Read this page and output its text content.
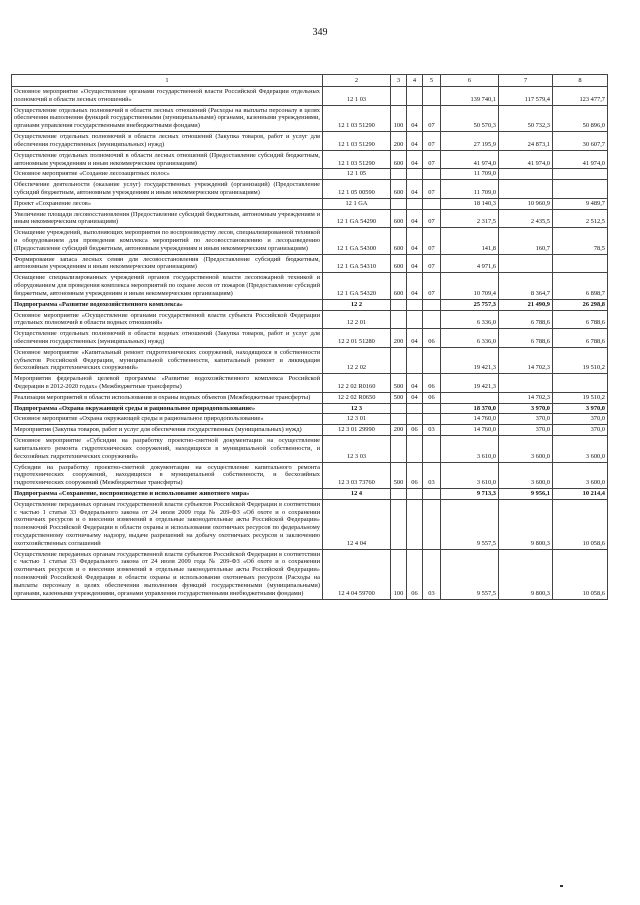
349
1	2	3	4	5	6	7	8
Основное мероприятие «Осуществление органами государственной власти Российской Федерации отдельных полномочий в области лесных отношений»	12 1 03				139 740,1	117 579,4	123 477,7
Осуществление отдельных полномочий в области лесных отношений (Расходы на выплаты персоналу в целях обеспечения выполнения функций государственными (муниципальными) органами, казенными учреждениями, органами управления государственными внебюджетными фондами)	12 1 03 51290	100	04	07	50 570,3	50 732,3	50 896,0
Осуществление отдельных полномочий в области лесных отношений (Закупка товаров, работ и услуг для обеспечения государственных (муниципальных) нужд)	12 1 03 51290	200	04	07	27 195,9	24 873,1	30 607,7
Осуществление отдельных полномочий в области лесных отношений (Предоставление субсидий бюджетным, автономным учреждениям и иным некоммерческим организациям)	12 1 03 51290	600	04	07	41 974,0	41 974,0	41 974,0
Основное мероприятие «Создание лесозащитных полос»	12 1 05				11 709,0		
Обеспечение деятельности (оказание услуг) государственных учреждений (организаций) (Предоставление субсидий бюджетным, автономным учреждениям и иным некоммерческим организациям)	12 1 05 00590	600	04	07	11 709,0		
Проект «Сохранение лесов»	12 1 GA				18 140,3	10 960,9	9 489,7
Увеличение площади лесовосстановления (Предоставление субсидий бюджетным, автономным учреждениям и иным некоммерческим организациям)	12 1 GA 54290	600	04	07	2 317,5	2 435,5	2 512,5
Оснащение учреждений, выполняющих мероприятия по воспроизводству лесов, специализированной техникой и оборудованием для проведения комплекса мероприятий по лесовосстановлению и лесоразведению (Предоставление субсидий бюджетным, автономным учреждениям и иным некоммерческим организациям)	12 1 GA 54300	600	04	07	141,8	160,7	78,5
Формирование запаса лесных семян для лесовосстановления (Предоставление субсидий бюджетным, автономным учреждениям и иным некоммерческим организациям)	12 1 GA 54310	600	04	07	4 971,6		
Оснащение специализированных учреждений органов государственной власти лесопожарной техникой и оборудованием для проведения комплекса мероприятий по охране лесов от пожаров (Предоставление субсидий бюджетным, автономным учреждениям и иным некоммерческим организациям)	12 1 GA 54320	600	04	07	10 709,4	8 364,7	6 898,7
Подпрограмма «Развитие водохозяйственного комплекса»	12 2				25 757,3	21 490,9	26 298,8
Основное мероприятие «Осуществление органами государственной власти субъекта Российской Федерации отдельных полномочий в области водных отношений»	12 2 01				6 336,0	6 788,6	6 788,6
Осуществление отдельных полномочий в области водных отношений (Закупка товаров, работ и услуг для обеспечения государственных (муниципальных) нужд)	12 2 01 51280	200	04	06	6 336,0	6 788,6	6 788,6
Основное мероприятие «Капитальный ремонт гидротехнических сооружений, находящихся в собственности субъектов Российской Федерации, муниципальной собственности, капитальный ремонт и ликвидация бесхозяйных гидротехнических сооружений»	12 2 02				19 421,3	14 702,3	19 510,2
Мероприятия федеральной целевой программы «Развитие водохозяйственного комплекса Российской Федерации в 2012-2020 годах» (Межбюджетные трансферты)	12 2 02 R0160	500	04	06	19 421,3		
Реализация мероприятий в области использования и охраны водных объектов (Межбюджетные трансферты)	12 2 02 R0650	500	04	06		14 702,3	19 510,2
Подпрограмма «Охрана окружающей среды и рациональное природопользование»	12 3				18 370,0	3 970,0	3 970,0
Основное мероприятие «Охрана окружающей среды и рациональное природопользование»	12 3 01				14 760,0	370,0	370,0
Мероприятия (Закупка товаров, работ и услуг для обеспечения государственных (муниципальных) нужд)	12 3 01 29990	200	06	03	14 760,0	370,0	370,0
Основное мероприятие «Субсидии на разработку проектно-сметной документации на осуществление капитального ремонта гидротехнических сооружений, находящихся в муниципальной собственности, и бесхозяйных гидротехнических сооружений»	12 3 03				3 610,0	3 600,0	3 600,0
Субсидии на разработку проектно-сметной документации на осуществление капитального ремонта гидротехнических сооружений, находящихся в муниципальной собственности, и бесхозяйных гидротехнических сооружений (Межбюджетные трансферты)	12 3 03 73760	500	06	03	3 610,0	3 600,0	3 600,0
Подпрограмма «Сохранение, воспроизводство и использование животного мира»	12 4				9 713,3	9 956,1	10 214,4
Осуществление переданных органам государственной власти субъектов Российской Федерации в соответствии с частью 1 статьи 33 Федерального закона от 24 июля 2009 года № 209-ФЗ «Об охоте и о сохранении охотничьих ресурсов и о внесении изменений в отдельные законодательные акты Российской Федерации» полномочий Российской Федерации в области охраны и использования охотничьих ресурсов по федеральному государственному охотничьему надзору, выдаче разрешений на добычу охотничьих ресурсов и заключению охотхозяйственных соглашений	12 4 04				9 557,5	9 800,3	10 058,6
Осуществление переданных органам государственной власти субъектов Российской Федерации в соответствии с частью 1 статьи 33 Федерального закона от 24 июля 2009 года № 209-ФЗ «Об охоте и о сохранении охотничьих ресурсов и о внесении изменений в отдельные законодательные акты Российской Федерации» полномочий Российской Федерации в области охраны и использования охотничьих ресурсов (Расходы на выплаты персоналу в целях обеспечения выполнения функций государственными (муниципальными) органами, казенными учреждениями, органами управления государственными внебюджетными фондами)	12 4 04 59700	100	06	03	9 557,5	9 800,3	10 058,6
